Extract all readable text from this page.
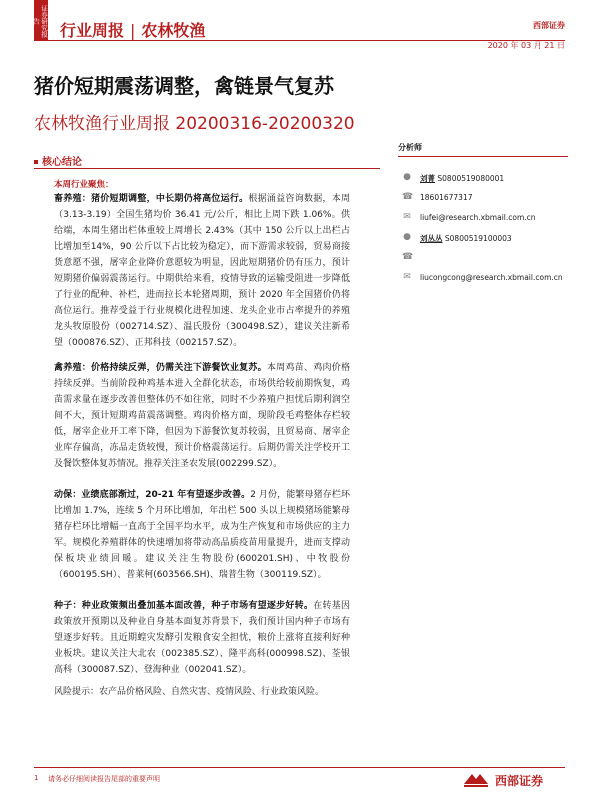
证券研究报告	行业周报 | 农林牧渔	西部证券
2020 年 03 月 21 日
猪价短期震荡调整，禽链景气复苏
农林牧渔行业周报 20200316-20200320
核心结论
本周行业聚焦：
畜养殖：猪价短期调整，中长期仍将高位运行。根据涌益咨询数据，本周（3.13-3.19）全国生猪均价 36.41 元/公斤，相比上周下跌 1.06%。供给端，本周生猪出栏体重较上周增长 2.43%（其中 150 公斤以上出栏占比增加至14%，90 公斤以下占比较为稳定），而下游需求较弱，贸易商接货意愿不强，屠宰企业降价意愿较为明显，因此短期猪价仍有压力，预计短期猪价偏弱震荡运行。中期供给来看，疫情导致的运输受阻进一步降低了行业的配种、补栏，进而拉长本轮猪周期，预计 2020 年全国猪价仍将高位运行。推荐受益于行业规模化进程加速、龙头企业市占率提升的养殖龙头牧原股份（002714.SZ）、温氏股份（300498.SZ），建议关注新希望（000876.SZ）、正邦科技（002157.SZ）。
禽养殖：价格持续反弹，仍需关注下游餐饮业复苏。本周鸡苗、鸡肉价格持续反弹。当前阶段种鸡基本进入全群化状态，市场供给较前期恢复，鸡苗需求量在逐步改善但整体仍不如往常，同时不少养殖户担忧后期利润空间不大，预计短期鸡苗震荡调整。鸡肉价格方面，现阶段毛鸡整体存栏较低，屠宰企业开工率下降，但因为下游餐饮复苏较弱，且贸易商、屠宰企业库存偏高，冻品走货较慢，预计价格震荡运行。后期仍需关注学校开工及餐饮整体复苏情况。推荐关注圣农发展(002299.SZ）。
动保：业绩底部渐过，20-21 年有望逐步改善。2 月份，能繁母猪存栏环比增加 1.7%，连续 5 个月环比增加，年出栏 500 头以上规模猪场能繁母猪存栏环比增幅一直高于全国平均水平，成为生产恢复和市场供应的主力军。规模化养殖群体的快速增加将带动高品质疫苗用量提升，进而支撑动保板块业绩回暖。建议关注生物股份(600201.SH)、中牧股份（600195.SH）、普莱柯(603566.SH)、瑞普生物（300119.SZ）。
种子：种业政策频出叠加基本面改善，种子市场有望逐步好转。在转基因政策放开预期以及种业自身基本面复苏背景下，我们预计国内种子市场有望逐步好转。且近期蝗灾发酵引发粮食安全担忧，粮价上涨将直接利好种业板块。建议关注大北农（002385.SZ）、隆平高科(000998.SZ)、荃银高科（300087.SZ）、登海种业（002041.SZ）。
风险提示：农产品价格风险、自然灾害、疫情风险、行业政策风险。
分析师
● 刘菁 S0800519080001
☎ 18601677317
✉ liufei@research.xbmail.com.cn
● 刘丛丛 S0800519100003
☎
✉ liucongcong@research.xbmail.com.cn
1 请务必仔细阅读报告尾部的重要声明	西部证券
